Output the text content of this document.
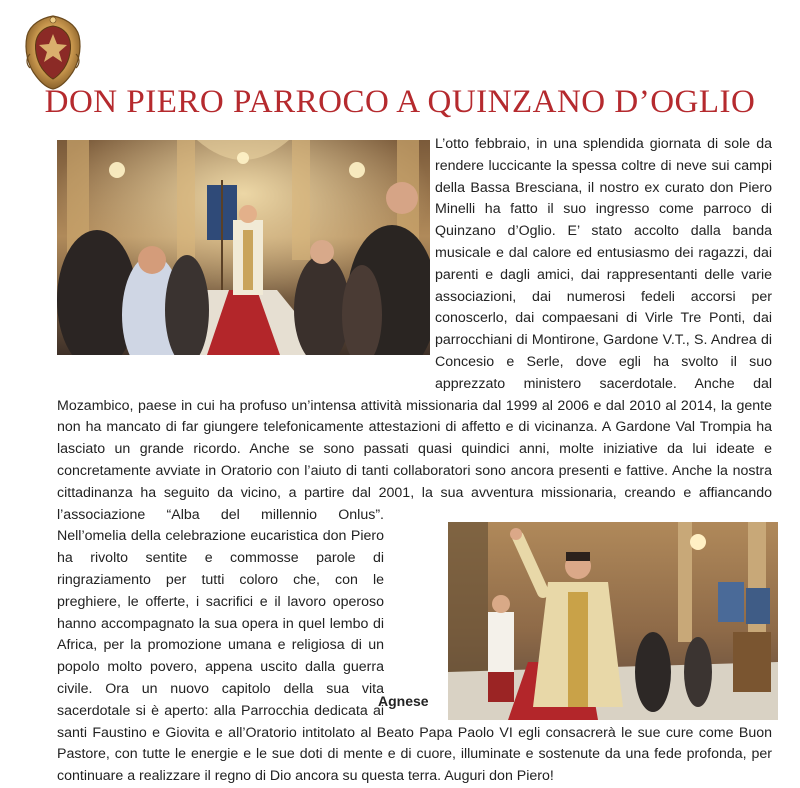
DON PIERO PARROCO A QUINZANO D’OGLIO
L’otto febbraio, in una splendida giornata di sole da rendere luccicante la spessa coltre di neve sui campi della Bassa Bresciana, il nostro ex curato don Piero Minelli ha fatto il suo ingresso come parroco di Quinzano d’Oglio. E’ stato accolto dalla banda musicale e dal calore ed entusiasmo dei ragazzi, dai parenti e dagli amici, dai rappresentanti delle varie associazioni, dai numerosi fedeli accorsi per conoscerlo, dai compaesani di Virle Tre Ponti, dai parrocchiani di Montirone, Gardone V.T., S. Andrea di Concesio e Serle, dove egli ha svolto il suo apprezzato ministero sacerdotale. Anche dal Mozambico, paese in cui ha profuso un’intensa attività missionaria dal 1999 al 2006 e dal 2010 al 2014, la gente non ha mancato di far giungere telefonicamente attestazioni di affetto e di vicinanza. A Gardone Val Trompia ha lasciato un grande ricordo. Anche se sono passati quasi quindici anni, molte iniziative da lui ideate e concretamente avviate in Oratorio con l’aiuto di tanti collaboratori sono ancora presenti e fattive. Anche la nostra cittadinanza ha seguito da vicino, a partire dal 2001, la sua avventura missionaria, creando e affiancando l’associazione “Alba del millennio Onlus”. Nell’omelia della celebrazione eucaristica don Piero ha rivolto sentite e commosse parole di ringraziamento per tutti coloro che, con le preghiere, le offerte, i sacrifici e il lavoro operoso hanno accompagnato la sua opera in quel lembo di Africa, per la promozione umana e religiosa di un popolo molto povero, appena uscito dalla guerra civile. Ora un nuovo capitolo della sua vita sacerdotale si è aperto: alla Parrocchia dedicata ai santi Faustino e Giovita e all’Oratorio intitolato al Beato Papa Paolo VI egli consacrerà le sue cure come Buon Pastore, con tutte le energie e le sue doti di mente e di cuore, illuminate e sostenute da una fede profonda, per continuare a realizzare il regno di Dio ancora su questa terra. Auguri don Piero!
Agnese
